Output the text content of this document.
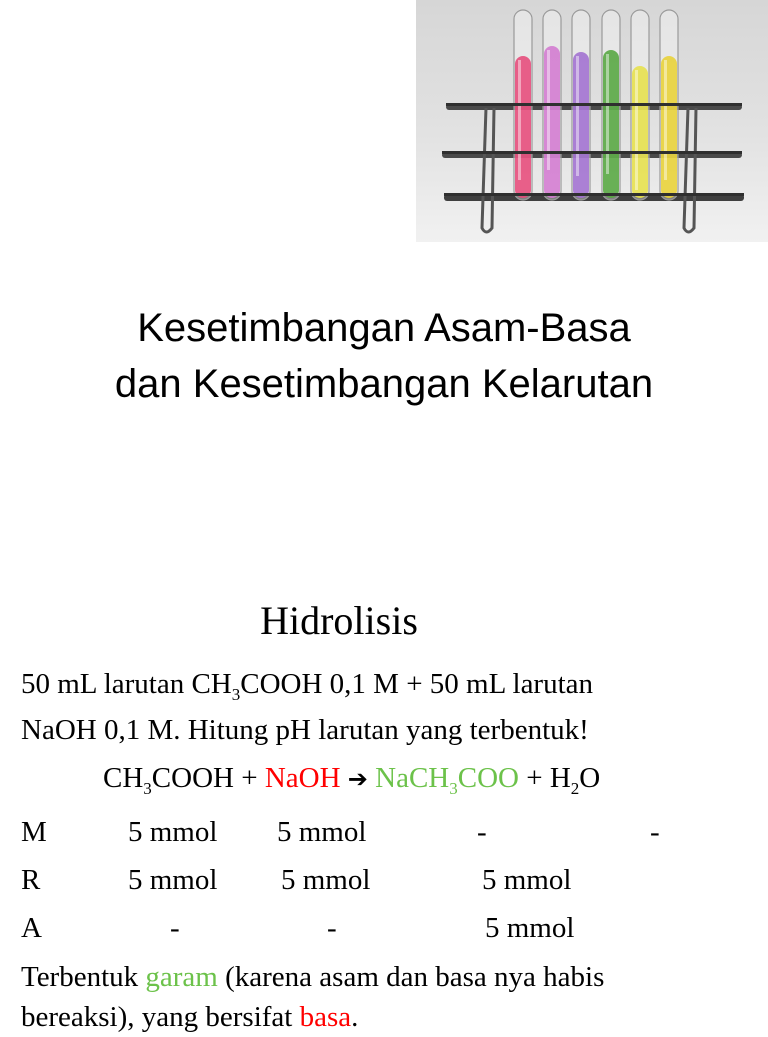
Kesetimbangan Asam-Basa
dan Kesetimbangan Kelarutan
Hidrolisis
50 mL larutan $CH_3COOH$ 0,1 M + 50 mL larutan
NaOH 0,1 M. Hitung pH larutan yang terbentuk!
$CH_3COOH$ + NaOH ➔ NaCH$_3$COO + $H_2O$
M	5 mmol 5 mmol	-	-
R	5 mmol 5 mmol	5 mmol
A	-	-	5 mmol
Terbentuk garam (karena asam dan basa nya habis
bereaksi), yang bersifat basa.
